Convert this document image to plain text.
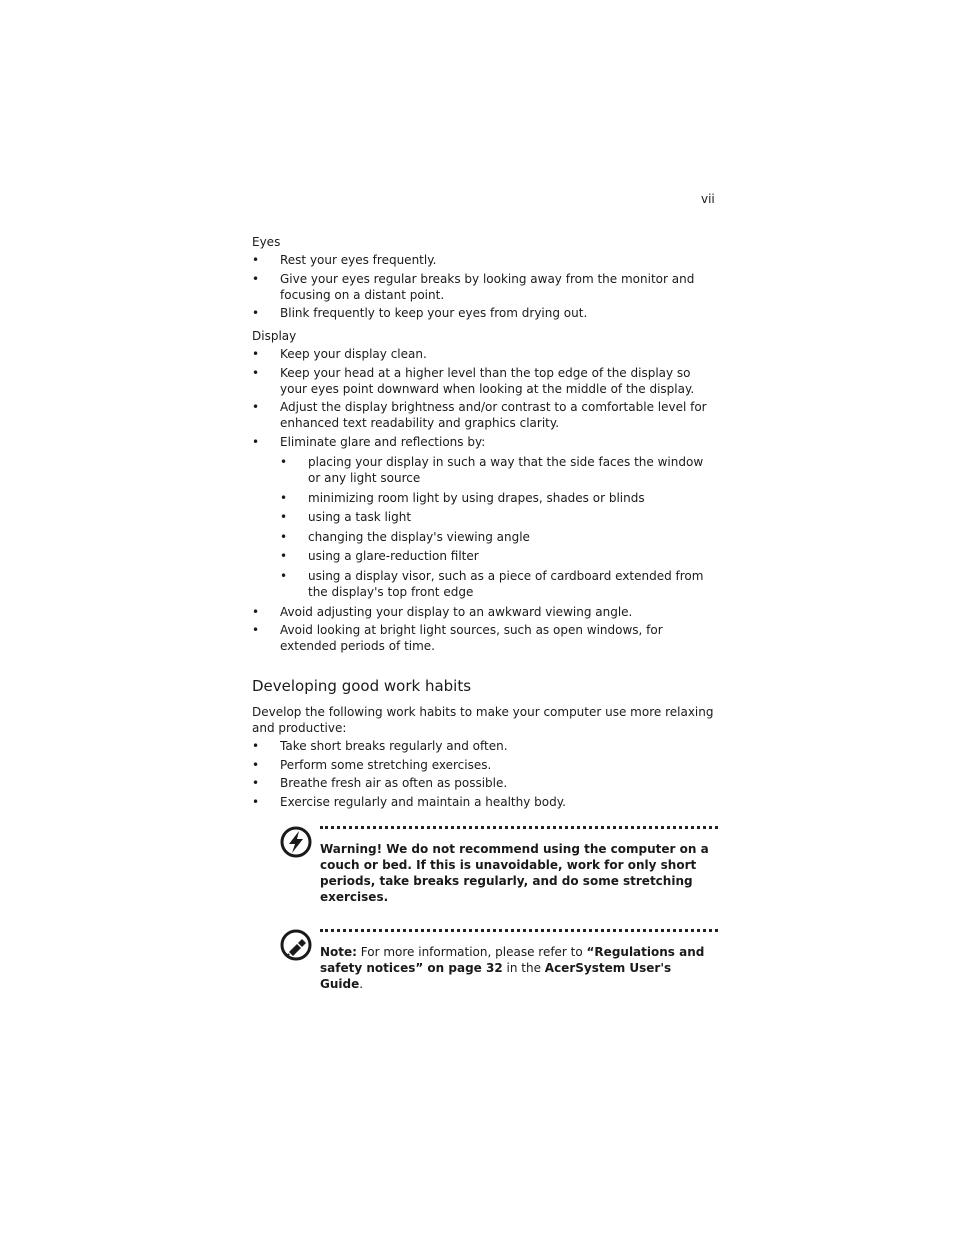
vii

Eyes

• Rest your eyes frequently.
• Give your eyes regular breaks by looking away from the monitor and focusing on a distant point.
• Blink frequently to keep your eyes from drying out.

Display

• Keep your display clean.
• Keep your head at a higher level than the top edge of the display so your eyes point downward when looking at the middle of the display.
• Adjust the display brightness and/or contrast to a comfortable level for enhanced text readability and graphics clarity.
• Eliminate glare and reflections by:
• placing your display in such a way that the side faces the window or any light source
• minimizing room light by using drapes, shades or blinds
• using a task light
• changing the display's viewing angle
• using a glare-reduction filter
• using a display visor, such as a piece of cardboard extended from the display's top front edge
• Avoid adjusting your display to an awkward viewing angle.
• Avoid looking at bright light sources, such as open windows, for extended periods of time.
Developing good work habits

Develop the following work habits to make your computer use more relaxing and productive:

• Take short breaks regularly and often.
• Perform some stretching exercises.
• Breathe fresh air as often as possible.
• Exercise regularly and maintain a healthy body.
Warning! We do not recommend using the computer on a couch or bed. If this is unavoidable, work for only short periods, take breaks regularly, and do some stretching exercises.
Note: For more information, please refer to “Regulations and safety notices” on page 32 in the AcerSystem User's Guide.
